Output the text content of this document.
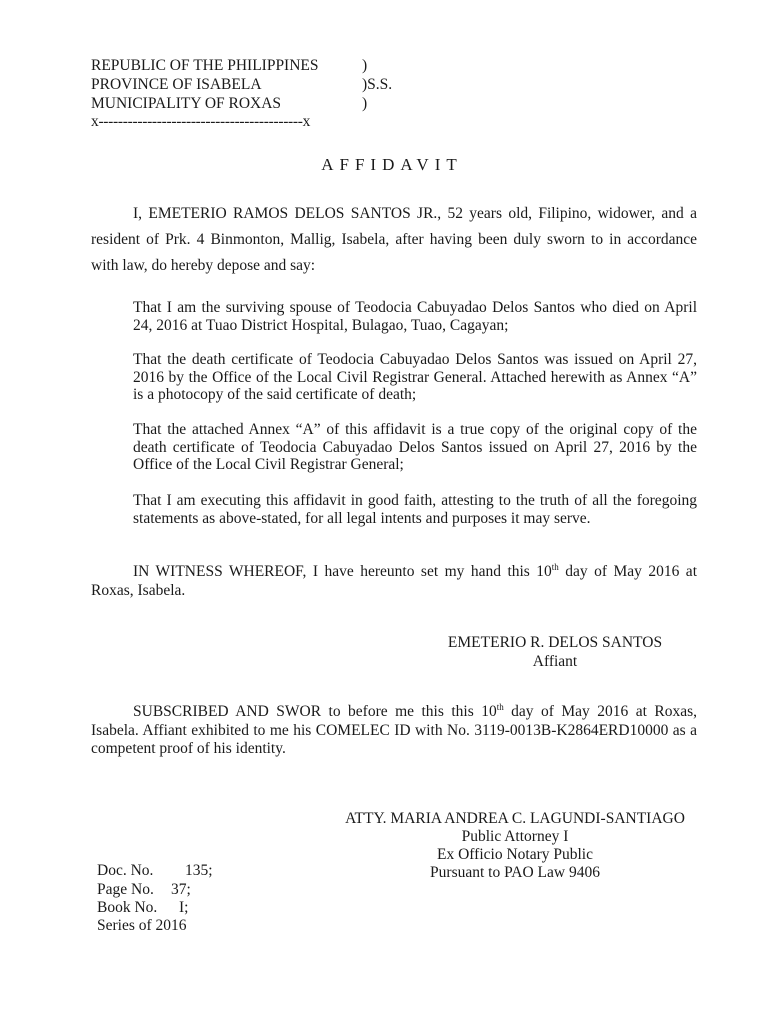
REPUBLIC OF THE PHILIPPINES	)
PROVINCE OF ISABELA	)S.S.
MUNICIPALITY OF ROXAS	)
x------------------------------------------x
AFFIDAVIT
I, EMETERIO RAMOS DELOS SANTOS JR., 52 years old, Filipino, widower, and a resident of Prk. 4 Binmonton, Mallig, Isabela, after having been duly sworn to in accordance with law, do hereby depose and say:
That I am the surviving spouse of Teodocia Cabuyadao Delos Santos who died on April 24, 2016 at Tuao District Hospital, Bulagao, Tuao, Cagayan;
That the death certificate of Teodocia Cabuyadao Delos Santos was issued on April 27, 2016 by the Office of the Local Civil Registrar General. Attached herewith as Annex “A” is a photocopy of the said certificate of death;
That the attached Annex “A” of this affidavit is a true copy of the original copy of the death certificate of Teodocia Cabuyadao Delos Santos issued on April 27, 2016 by the Office of the Local Civil Registrar General;
That I am executing this affidavit in good faith, attesting to the truth of all the foregoing statements as above-stated, for all legal intents and purposes it may serve.
IN WITNESS WHEREOF, I have hereunto set my hand this 10th day of May 2016 at Roxas, Isabela.
EMETERIO R. DELOS SANTOS
Affiant
SUBSCRIBED AND SWOR to before me this this 10th day of May 2016 at Roxas, Isabela. Affiant exhibited to me his COMELEC ID with No. 3119-0013B-K2864ERD10000 as a competent proof of his identity.
ATTY. MARIA ANDREA C. LAGUNDI-SANTIAGO
Public Attorney I
Ex Officio Notary Public
Pursuant to PAO Law 9406
Doc. No. 135;
Page No. 37;
Book No. I;
Series of 2016
